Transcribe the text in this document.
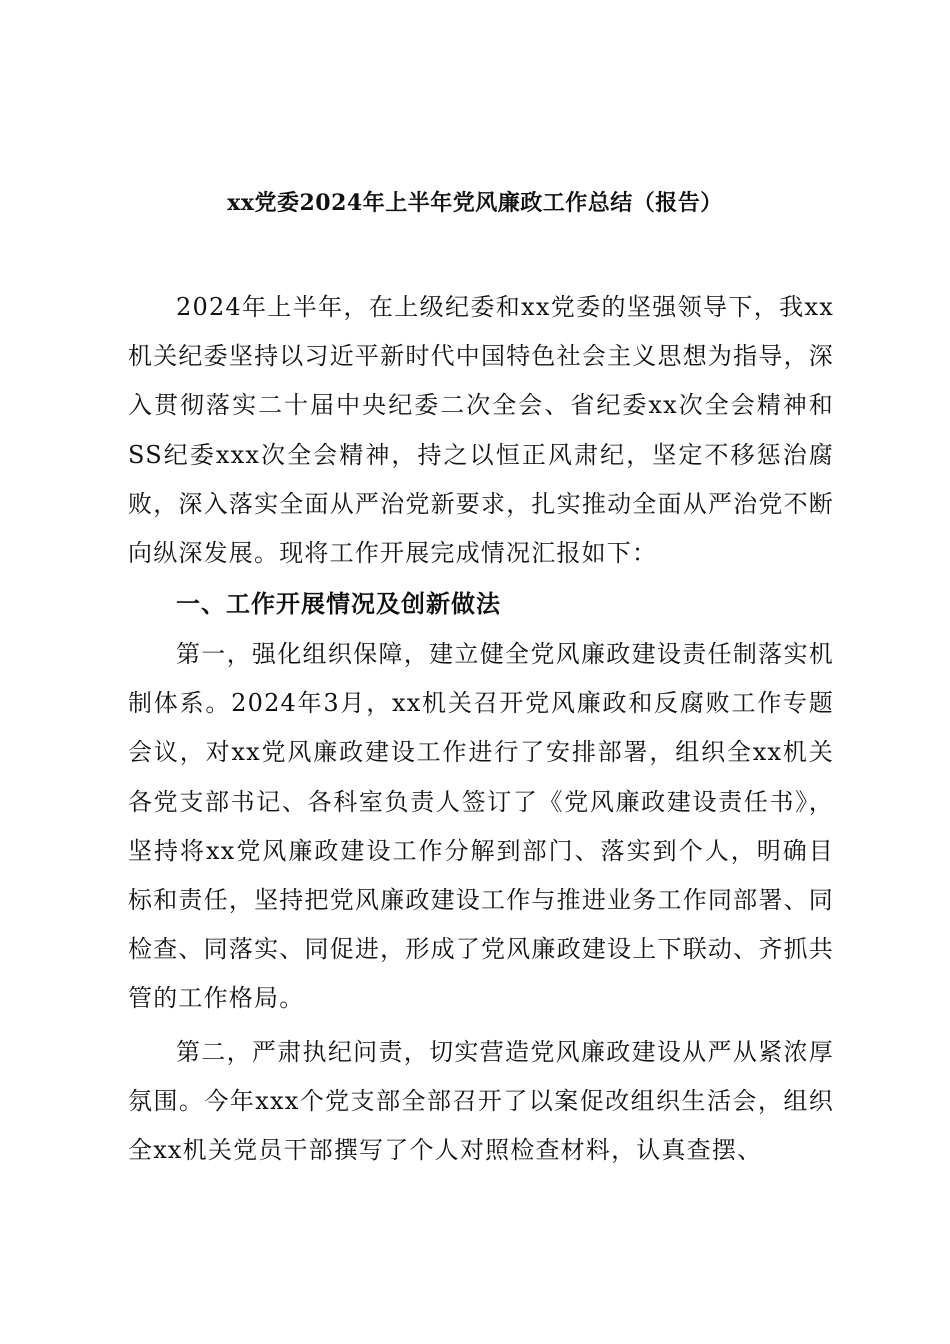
xx党委2024年上半年党风廉政工作总结（报告）

2024年上半年，在上级纪委和xx党委的坚强领导下，我xx机关纪委坚持以习近平新时代中国特色社会主义思想为指导，深入贯彻落实二十届中央纪委二次全会、省纪委xx次全会精神和SS纪委xxx次全会精神，持之以恒正风肃纪，坚定不移惩治腐败，深入落实全面从严治党新要求，扎实推动全面从严治党不断向纵深发展。现将工作开展完成情况汇报如下：

一、工作开展情况及创新做法

第一，强化组织保障，建立健全党风廉政建设责任制落实机制体系。2024年3月，xx机关召开党风廉政和反腐败工作专题会议，对xx党风廉政建设工作进行了安排部署，组织全xx机关各党支部书记、各科室负责人签订了《党风廉政建设责任书》，坚持将xx党风廉政建设工作分解到部门、落实到个人，明确目标和责任，坚持把党风廉政建设工作与推进业务工作同部署、同检查、同落实、同促进，形成了党风廉政建设上下联动、齐抓共管的工作格局。

第二，严肃执纪问责，切实营造党风廉政建设从严从紧浓厚氛围。今年xxx个党支部全部召开了以案促改组织生活会，组织全xx机关党员干部撰写了个人对照检查材料，认真查摆、
